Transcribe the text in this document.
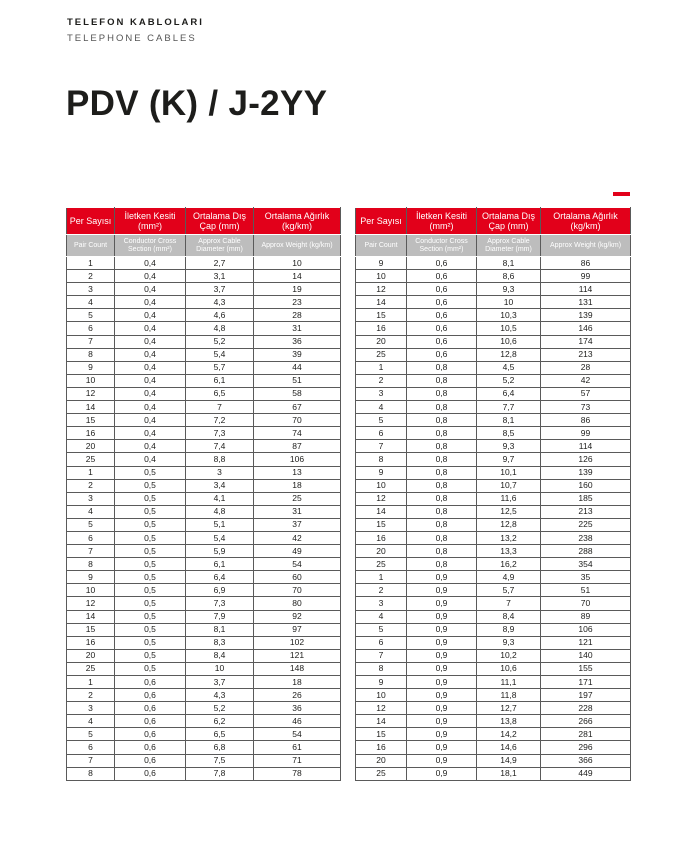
TELEFON KABLOLARI
TELEPHONE CABLES
PDV (K) / J-2YY
Per Sayısı	İletken Kesiti (mm²)	Ortalama Dış Çap (mm)	Ortalama Ağırlık (kg/km)
Pair Count	Conductor Cross Section (mm²)	Approx Cable Diameter (mm)	Approx Weight (kg/km)
1	0,4	2,7	10
2	0,4	3,1	14
3	0,4	3,7	19
4	0,4	4,3	23
5	0,4	4,6	28
6	0,4	4,8	31
7	0,4	5,2	36
8	0,4	5,4	39
9	0,4	5,7	44
10	0,4	6,1	51
12	0,4	6,5	58
14	0,4	7	67
15	0,4	7,2	70
16	0,4	7,3	74
20	0,4	7,4	87
25	0,4	8,8	106
1	0,5	3	13
2	0,5	3,4	18
3	0,5	4,1	25
4	0,5	4,8	31
5	0,5	5,1	37
6	0,5	5,4	42
7	0,5	5,9	49
8	0,5	6,1	54
9	0,5	6,4	60
10	0,5	6,9	70
12	0,5	7,3	80
14	0,5	7,9	92
15	0,5	8,1	97
16	0,5	8,3	102
20	0,5	8,4	121
25	0,5	10	148
1	0,6	3,7	18
2	0,6	4,3	26
3	0,6	5,2	36
4	0,6	6,2	46
5	0,6	6,5	54
6	0,6	6,8	61
7	0,6	7,5	71
8	0,6	7,8	78
Per Sayısı	İletken Kesiti (mm²)	Ortalama Dış Çap (mm)	Ortalama Ağırlık (kg/km)
Pair Count	Conductor Cross Section (mm²)	Approx Cable Diameter (mm)	Approx Weight (kg/km)
9	0,6	8,1	86
10	0,6	8,6	99
12	0,6	9,3	114
14	0,6	10	131
15	0,6	10,3	139
16	0,6	10,5	146
20	0,6	10,6	174
25	0,6	12,8	213
1	0,8	4,5	28
2	0,8	5,2	42
3	0,8	6,4	57
4	0,8	7,7	73
5	0,8	8,1	86
6	0,8	8,5	99
7	0,8	9,3	114
8	0,8	9,7	126
9	0,8	10,1	139
10	0,8	10,7	160
12	0,8	11,6	185
14	0,8	12,5	213
15	0,8	12,8	225
16	0,8	13,2	238
20	0,8	13,3	288
25	0,8	16,2	354
1	0,9	4,9	35
2	0,9	5,7	51
3	0,9	7	70
4	0,9	8,4	89
5	0,9	8,9	106
6	0,9	9,3	121
7	0,9	10,2	140
8	0,9	10,6	155
9	0,9	11,1	171
10	0,9	11,8	197
12	0,9	12,7	228
14	0,9	13,8	266
15	0,9	14,2	281
16	0,9	14,6	296
20	0,9	14,9	366
25	0,9	18,1	449
